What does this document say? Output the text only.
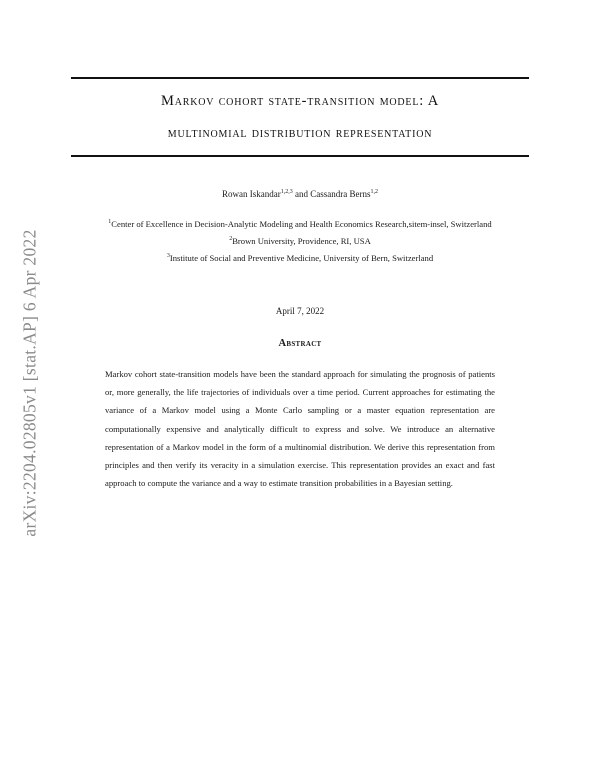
arXiv:2204.02805v1 [stat.AP] 6 Apr 2022
Markov cohort state-transition model: A
multinomial distribution representation
Rowan Iskandar$^{1,2,3}$ and Cassandra Berns$^{1,2}$
$^1$Center of Excellence in Decision-Analytic Modeling and Health Economics Research,sitem-insel, Switzerland
$^2$Brown University, Providence, RI, USA
$^3$Institute of Social and Preventive Medicine, University of Bern, Switzerland
April 7, 2022
Abstract
Markov cohort state-transition models have been the standard approach for simulating the prognosis of patients or, more generally, the life trajectories of individuals over a time period. Current approaches for estimating the variance of a Markov model using a Monte Carlo sampling or a master equation representation are computationally expensive and analytically difficult to express and solve. We introduce an alternative representation of a Markov model in the form of a multinomial distribution. We derive this representation from principles and then verify its veracity in a simulation exercise. This representation provides an exact and fast approach to compute the variance and a way to estimate transition probabilities in a Bayesian setting.
